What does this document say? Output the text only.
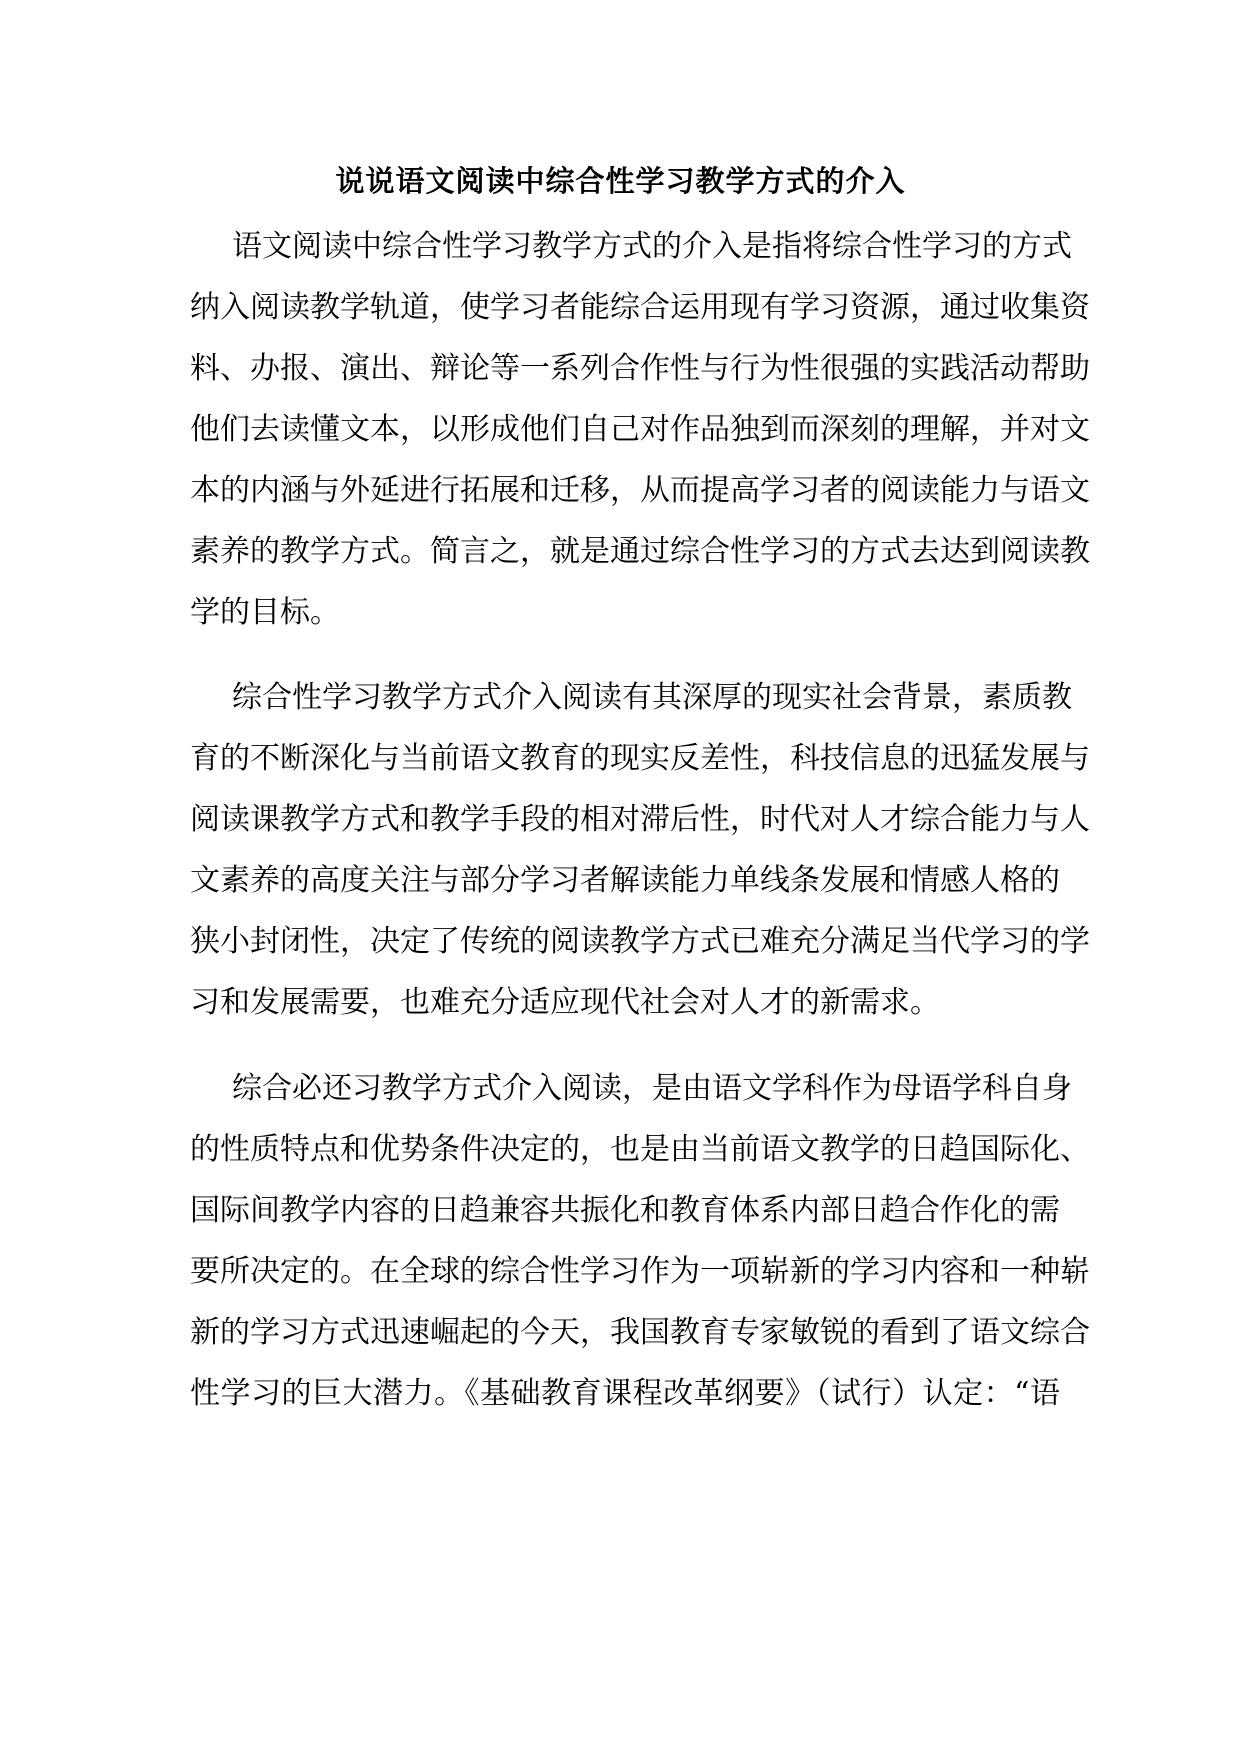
说说语文阅读中综合性学习教学方式的介入
语文阅读中综合性学习教学方式的介入是指将综合性学习的方式
纳入阅读教学轨道，使学习者能综合运用现有学习资源，通过收集资
料、办报、演出、辩论等一系列合作性与行为性很强的实践活动帮助
他们去读懂文本，以形成他们自己对作品独到而深刻的理解，并对文
本的内涵与外延进行拓展和迁移，从而提高学习者的阅读能力与语文
素养的教学方式。简言之，就是通过综合性学习的方式去达到阅读教
学的目标。
综合性学习教学方式介入阅读有其深厚的现实社会背景，素质教
育的不断深化与当前语文教育的现实反差性，科技信息的迅猛发展与
阅读课教学方式和教学手段的相对滞后性，时代对人才综合能力与人
文素养的高度关注与部分学习者解读能力单线条发展和情感人格的
狭小封闭性，决定了传统的阅读教学方式已难充分满足当代学习的学
习和发展需要，也难充分适应现代社会对人才的新需求。
综合必还习教学方式介入阅读，是由语文学科作为母语学科自身
的性质特点和优势条件决定的，也是由当前语文教学的日趋国际化、
国际间教学内容的日趋兼容共振化和教育体系内部日趋合作化的需
要所决定的。在全球的综合性学习作为一项崭新的学习内容和一种崭
新的学习方式迅速崛起的今天，我国教育专家敏锐的看到了语文综合
性学习的巨大潜力。《基础教育课程改革纲要》（试行）认定：“语
